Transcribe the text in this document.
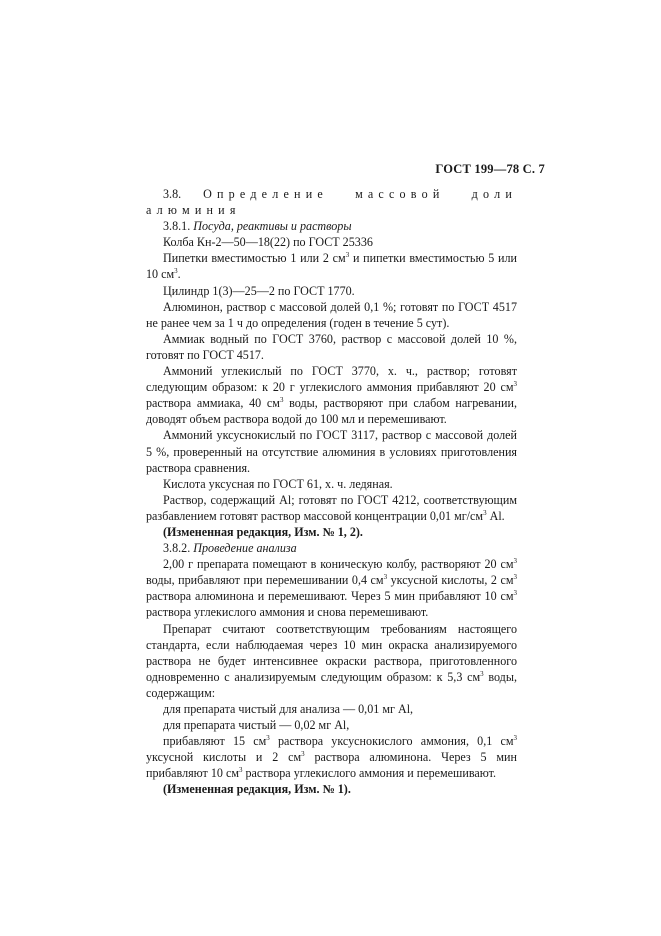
ГОСТ 199—78 С. 7

3.8. Определение массовой доли алюминия

3.8.1. Посуда, реактивы и растворы

Колба Кн-2—50—18(22) по ГОСТ 25336

Пипетки вместимостью 1 или 2 $см^3$ и пипетки вместимостью 5 или 10 $см^3$.

Цилиндр 1(3)—25—2 по ГОСТ 1770.

Алюминон, раствор с массовой долей 0,1 %; готовят по ГОСТ 4517 не ранее чем за 1 ч до определения (годен в течение 5 сут).

Аммиак водный по ГОСТ 3760, раствор с массовой долей 10 %, готовят по ГОСТ 4517.

Аммоний углекислый по ГОСТ 3770, х. ч., раствор; готовят следующим образом: к 20 г углекислого аммония прибавляют 20 $см^3$ раствора аммиака, 40 $см^3$ воды, растворяют при слабом нагревании, доводят объем раствора водой до 100 мл и перемешивают.

Аммоний уксуснокислый по ГОСТ 3117, раствор с массовой долей 5 %, проверенный на отсутствие алюминия в условиях приготовления раствора сравнения.

Кислота уксусная по ГОСТ 61, х. ч. ледяная.

Раствор, содержащий Al; готовят по ГОСТ 4212, соответствующим разбавлением готовят раствор массовой концентрации 0,01 $мг/см^3$ Al.

(Измененная редакция, Изм. № 1, 2).

3.8.2. Проведение анализа

2,00 г препарата помещают в коническую колбу, растворяют 20 $см^3$ воды, прибавляют при перемешивании 0,4 $см^3$ уксусной кислоты, 2 $см^3$ раствора алюминона и перемешивают. Через 5 мин прибавляют 10 $см^3$ раствора углекислого аммония и снова перемешивают.

Препарат считают соответствующим требованиям настоящего стандарта, если наблюдаемая через 10 мин окраска анализируемого раствора не будет интенсивнее окраски раствора, приготовленного одновременно с анализируемым следующим образом: к 5,3 $см^3$ воды, содержащим:

для препарата чистый для анализа — 0,01 мг Al,

для препарата чистый — 0,02 мг Al,

прибавляют 15 $см^3$ раствора уксуснокислого аммония, 0,1 $см^3$ уксусной кислоты и 2 $см^3$ раствора алюминона. Через 5 мин прибавляют 10 $см^3$ раствора углекислого аммония и перемешивают.

(Измененная редакция, Изм. № 1).
